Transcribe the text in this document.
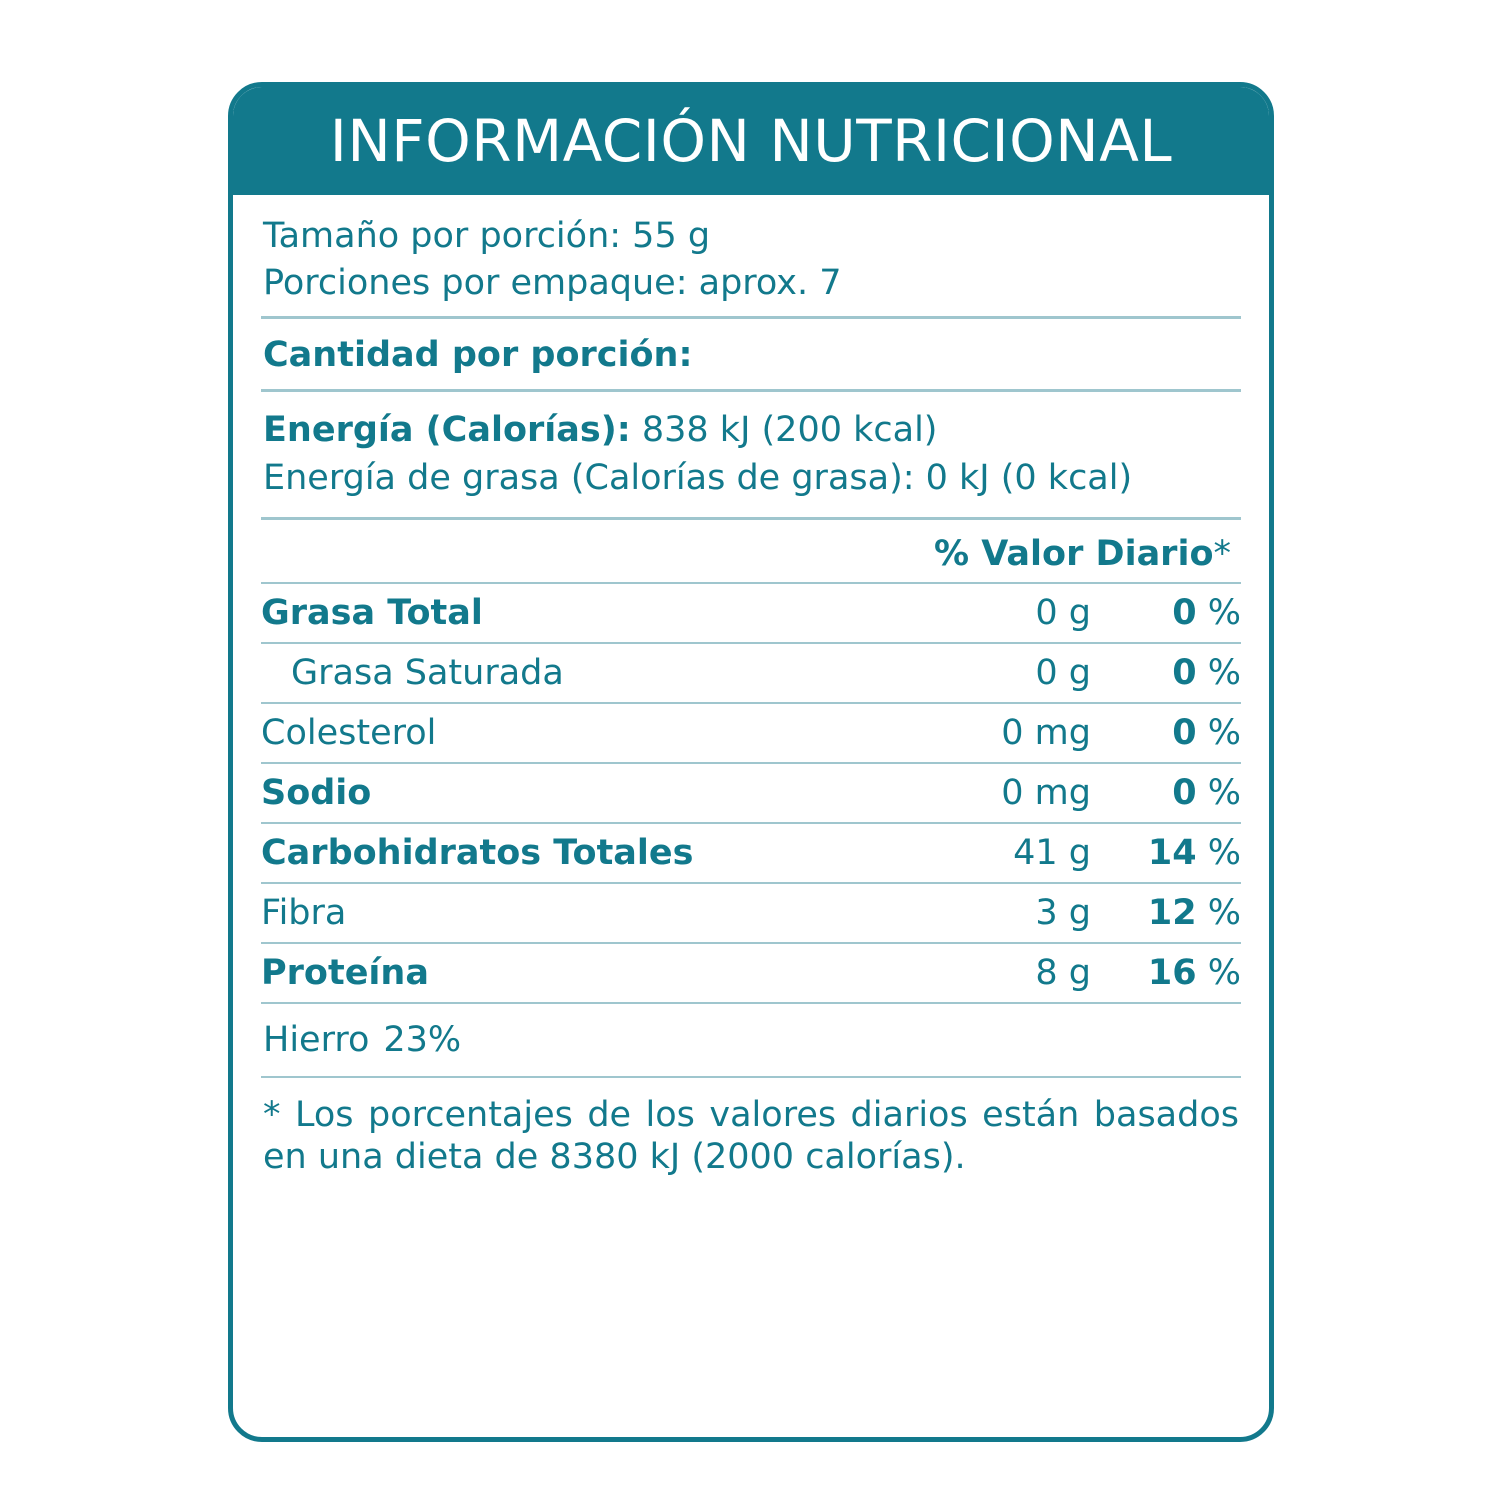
INFORMACIÓN NUTRICIONAL
Tamaño por porción: 55 g
Porciones por empaque: aprox. 7
Cantidad por porción:
Energía (Calorías): 838 kJ (200 kcal)
Energía de grasa (Calorías de grasa): 0 kJ (0 kcal)
% Valor Diario*
Grasa Total	0 g	0 %
Grasa Saturada	0 g	0 %
Colesterol	0 mg	0 %
Sodio	0 mg	0 %
Carbohidratos Totales	41 g	14 %
Fibra	3 g	12 %
Proteína	8 g	16 %
Hierro 23%
* Los porcentajes de los valores diarios están basados en una dieta de 8380 kJ (2000 calorías).
